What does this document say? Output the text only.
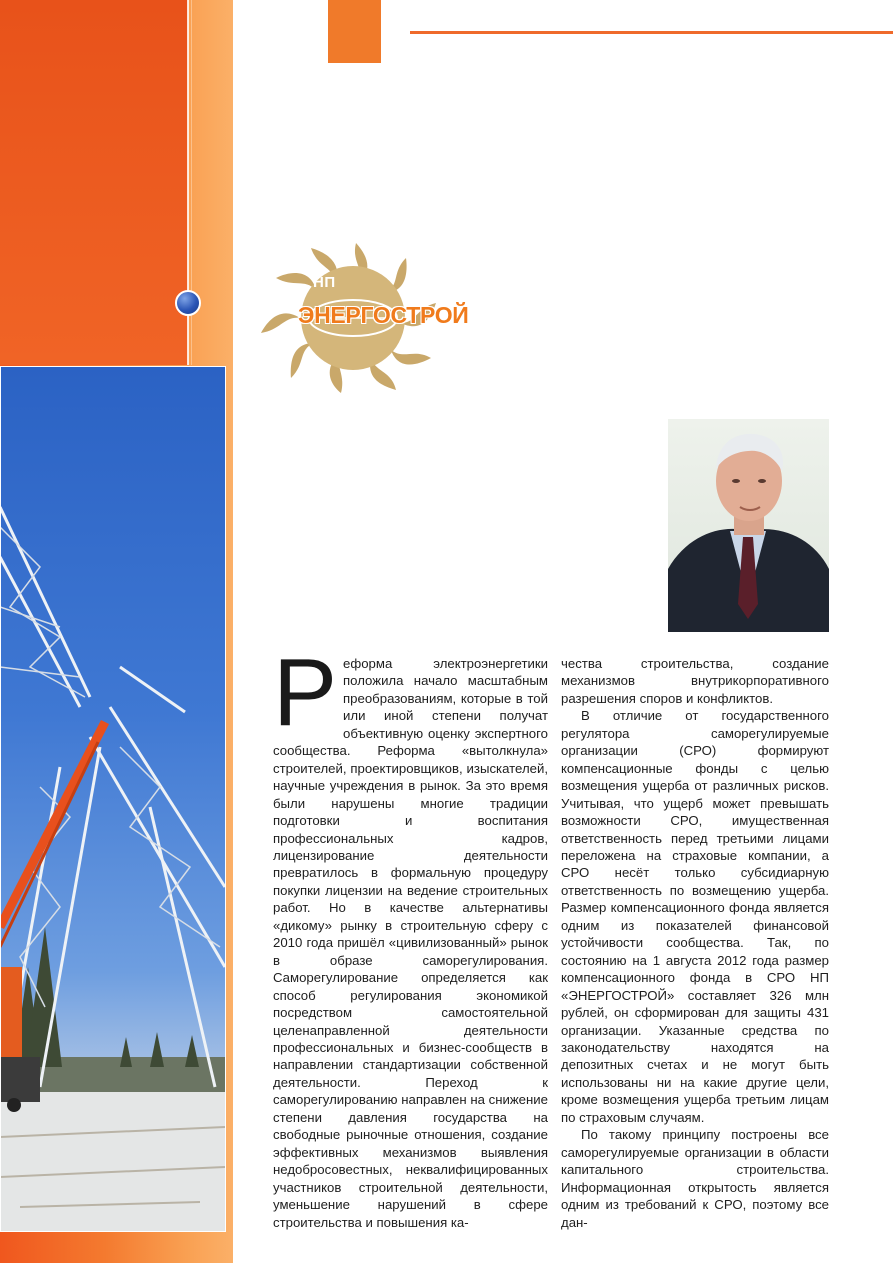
НП
ЭНЕРГОСТРОЙ

Реформа электроэнергетики положила начало масштабным преобразованиям, которые в той или иной степени получат объективную оценку экспертного сообщества. Реформа «вытолкнула» строителей, проектировщиков, изыскателей, научные учреждения в рынок. За это время были нарушены многие традиции подготовки и воспитания профессиональных кадров, лицензирование деятельности превратилось в формальную процедуру покупки лицензии на ведение строительных работ. Но в качестве альтернативы «дикому» рынку в строительную сферу с 2010 года пришёл «цивилизованный» рынок в образе саморегулирования. Саморегулирование определяется как способ регулирования экономикой посредством самостоятельной целенаправленной деятельности профессиональных и бизнес-сообществ в направлении стандартизации собственной деятельности. Переход к саморегулированию направлен на снижение степени давления государства на свободные рыночные отношения, создание эффективных механизмов выявления недобросовестных, неквалифицированных участников строительной деятельности, уменьшение нарушений в сфере строительства и повышения ка-

чества строительства, создание механизмов внутрикорпоративного разрешения споров и конфликтов.

В отличие от государственного регулятора саморегулируемые организации (СРО) формируют компенсационные фонды с целью возмещения ущерба от различных рисков. Учитывая, что ущерб может превышать возможности СРО, имущественная ответственность перед третьими лицами переложена на страховые компании, а СРО несёт только субсидиарную ответственность по возмещению ущерба. Размер компенсационного фонда является одним из показателей финансовой устойчивости сообщества. Так, по состоянию на 1 августа 2012 года размер компенсационного фонда в СРО НП «ЭНЕРГОСТРОЙ» составляет 326 млн рублей, он сформирован для защиты 431 организации. Указанные средства по законодательству находятся на депозитных счетах и не могут быть использованы ни на какие другие цели, кроме возмещения ущерба третьим лицам по страховым случаям.

По такому принципу построены все саморегулируемые организации в области капитального строительства. Информационная открытость является одним из требований к СРО, поэтому все дан-
